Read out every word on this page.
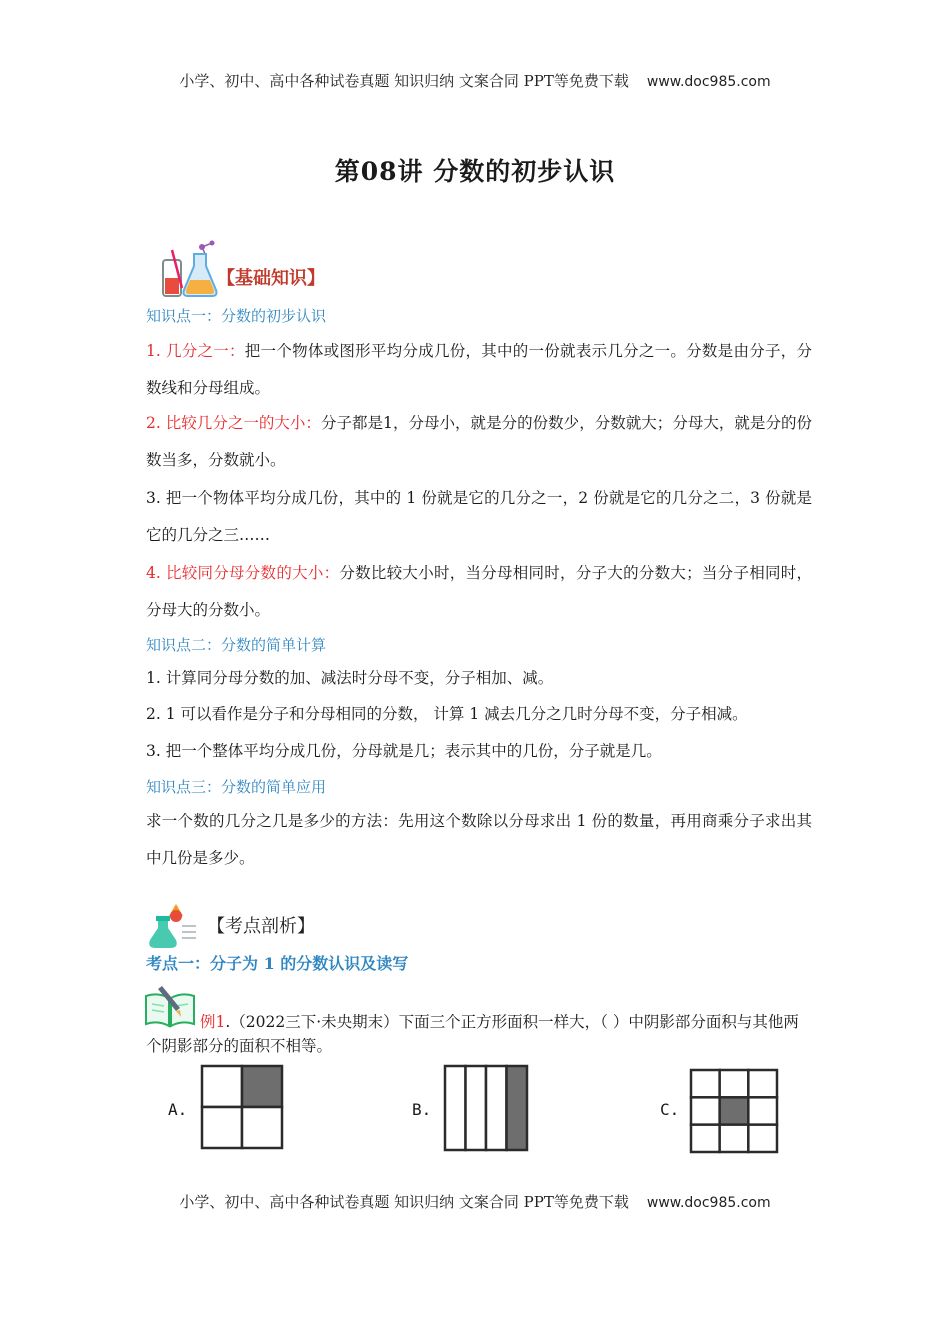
小学、初中、高中各种试卷真题 知识归纳 文案合同 PPT等免费下载 www.doc985.com
第08讲 分数的初步认识
【基础知识】
知识点一：分数的初步认识
1. 几分之一：把一个物体或图形平均分成几份，其中的一份就表示几分之一。分数是由分子，分数线和分母组成。
2. 比较几分之一的大小：分子都是1，分母小，就是分的份数少，分数就大；分母大，就是分的份数当多，分数就小。
3. 把一个物体平均分成几份，其中的 1 份就是它的几分之一，2 份就是它的几分之二，3 份就是它的几分之三……
4. 比较同分母分数的大小：分数比较大小时，当分母相同时，分子大的分数大；当分子相同时，分母大的分数小。
知识点二：分数的简单计算
1. 计算同分母分数的加、减法时分母不变，分子相加、减。
2. 1 可以看作是分子和分母相同的分数， 计算 1 减去几分之几时分母不变，分子相减。
3. 把一个整体平均分成几份，分母就是几；表示其中的几份，分子就是几。
知识点三：分数的简单应用
求一个数的几分之几是多少的方法：先用这个数除以分母求出 1 份的数量，再用商乘分子求出其中几份是多少。
【考点剖析】
考点一：分子为 1 的分数认识及读写
例1.（2022三下·未央期末）下面三个正方形面积一样大，（ ）中阴影部分面积与其他两个阴影部分的面积不相等。
A.	B.	C.
小学、初中、高中各种试卷真题 知识归纳 文案合同 PPT等免费下载 www.doc985.com
